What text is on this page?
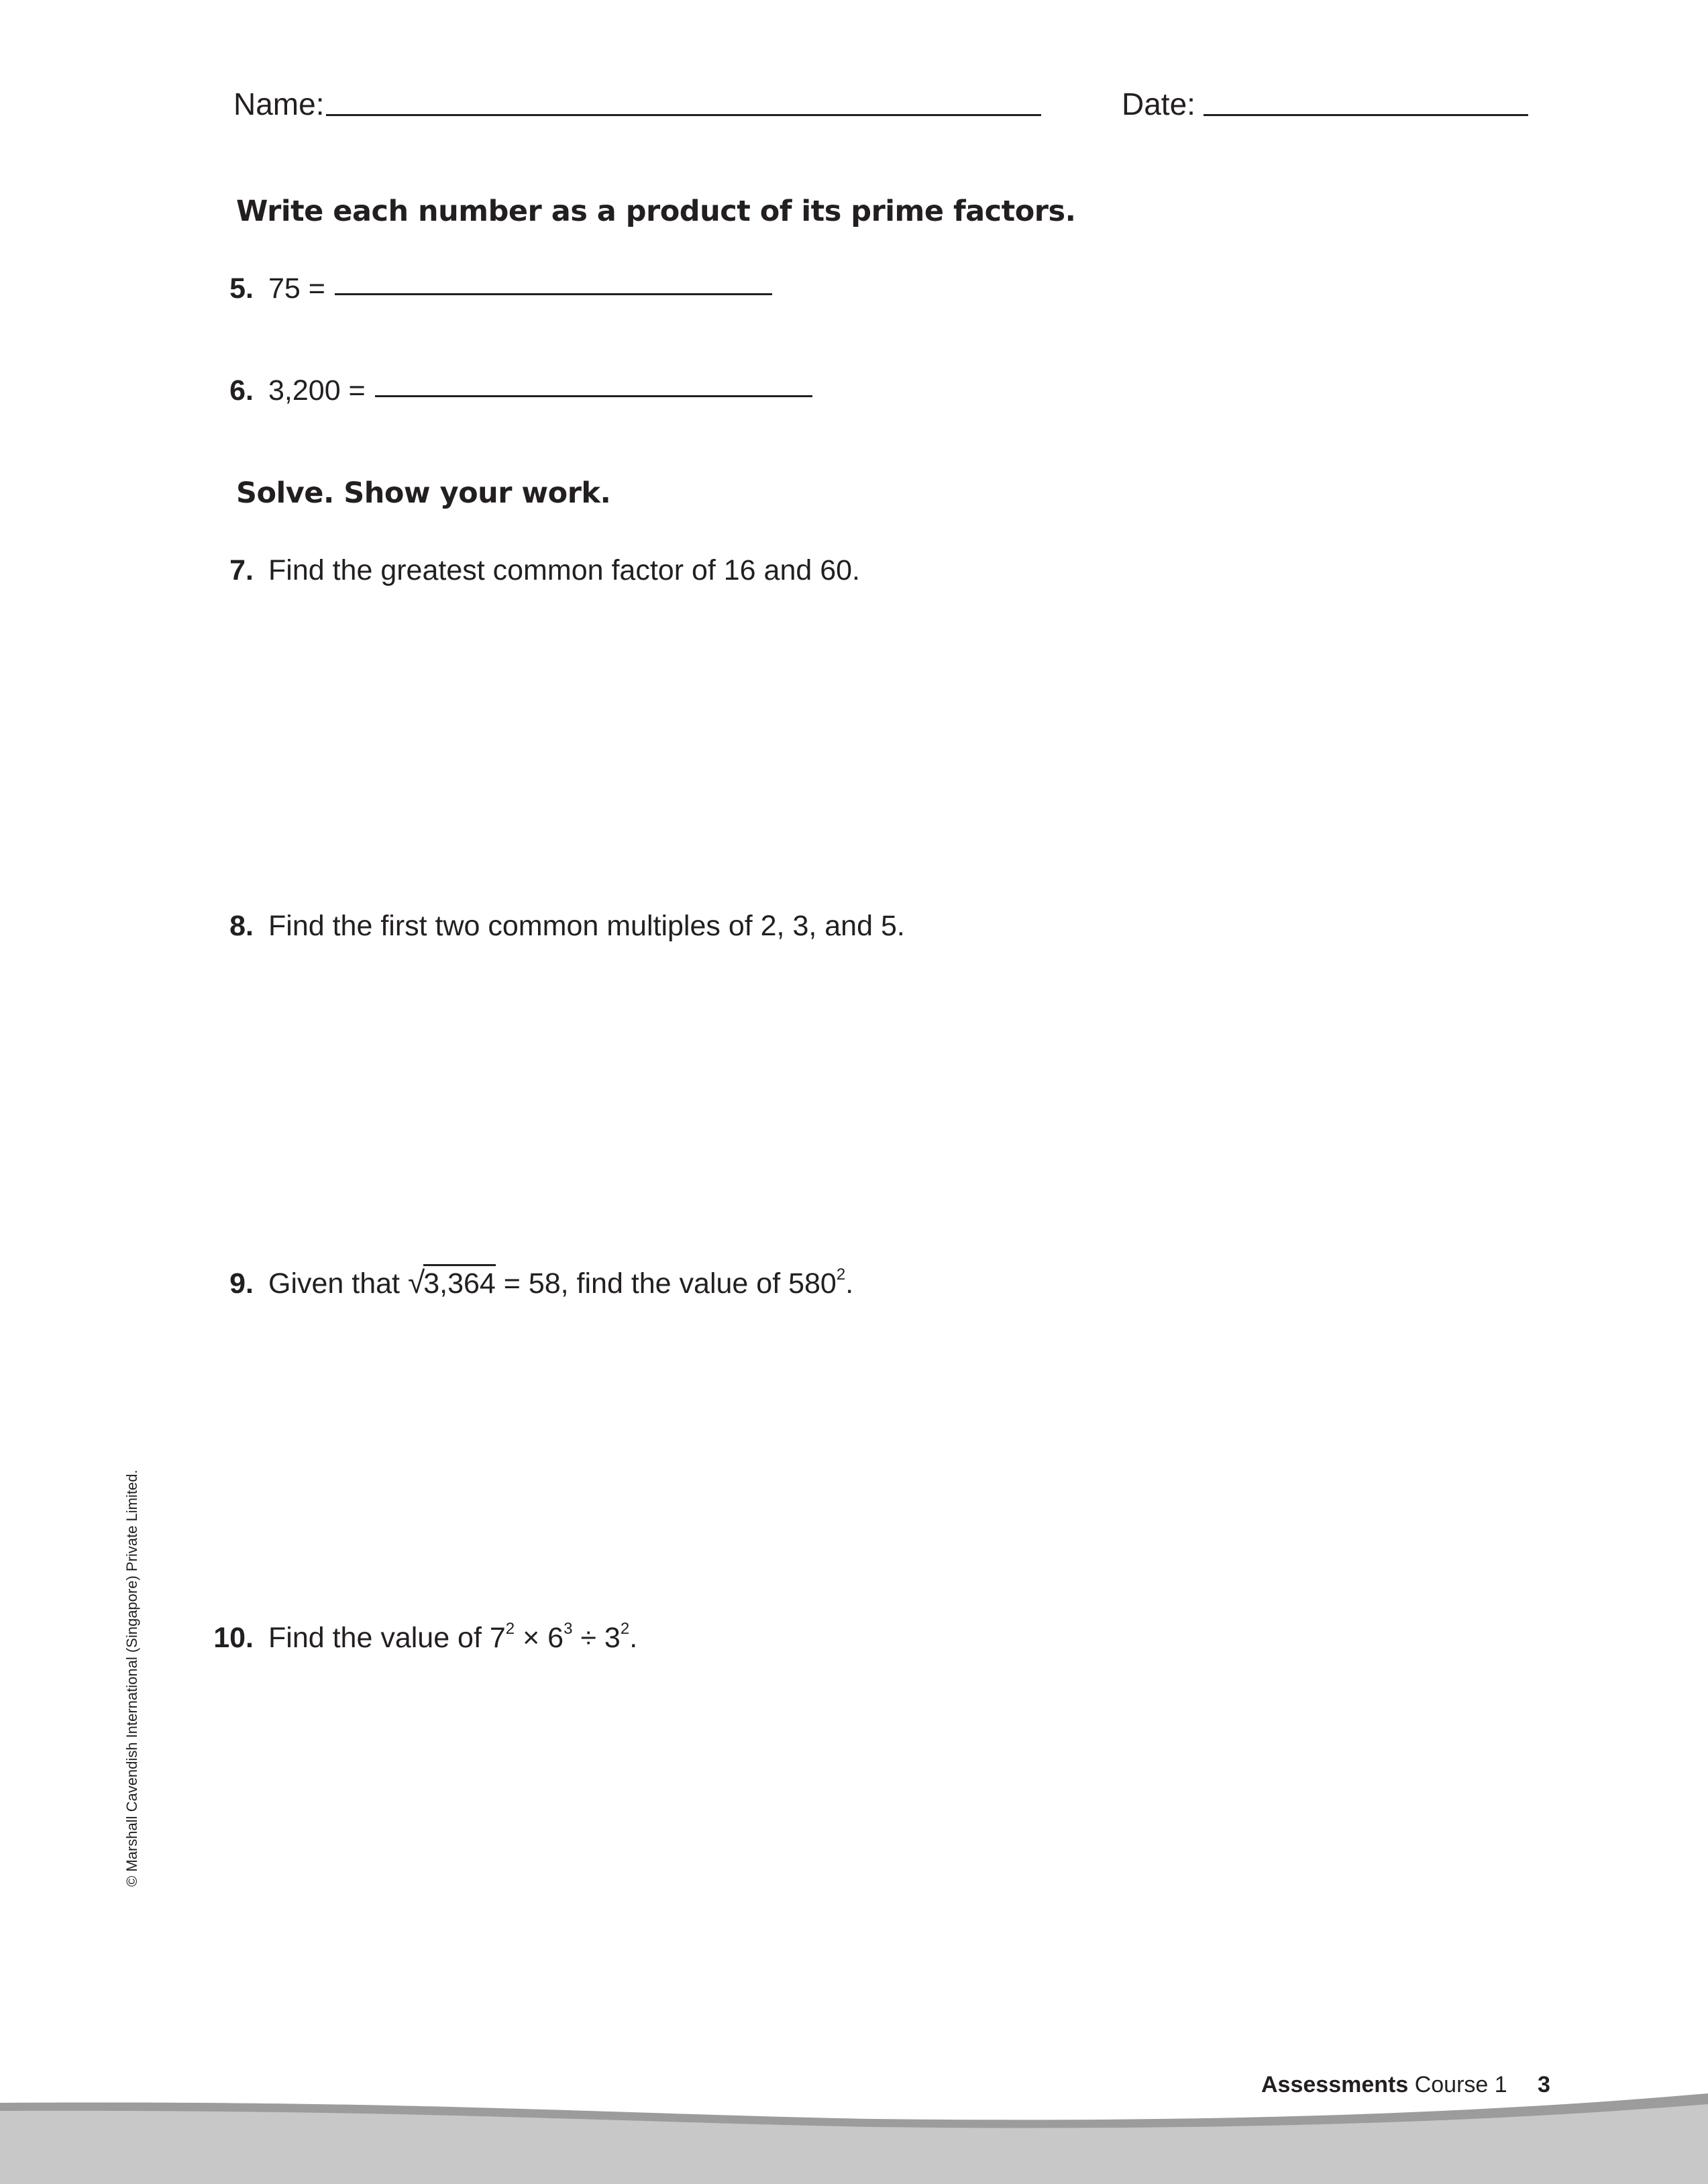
Name:	Date:
Write each number as a product of its prime factors.
5. 75 =
6. 3,200 =
Solve. Show your work.
7. Find the greatest common factor of 16 and 60.
8. Find the first two common multiples of 2, 3, and 5.
9. Given that √3,364 = 58, find the value of $580^2$.
10. Find the value of $7^2 \times 6^3 \div 3^2$.
© Marshall Cavendish International (Singapore) Private Limited.
Assessments Course 1 3
